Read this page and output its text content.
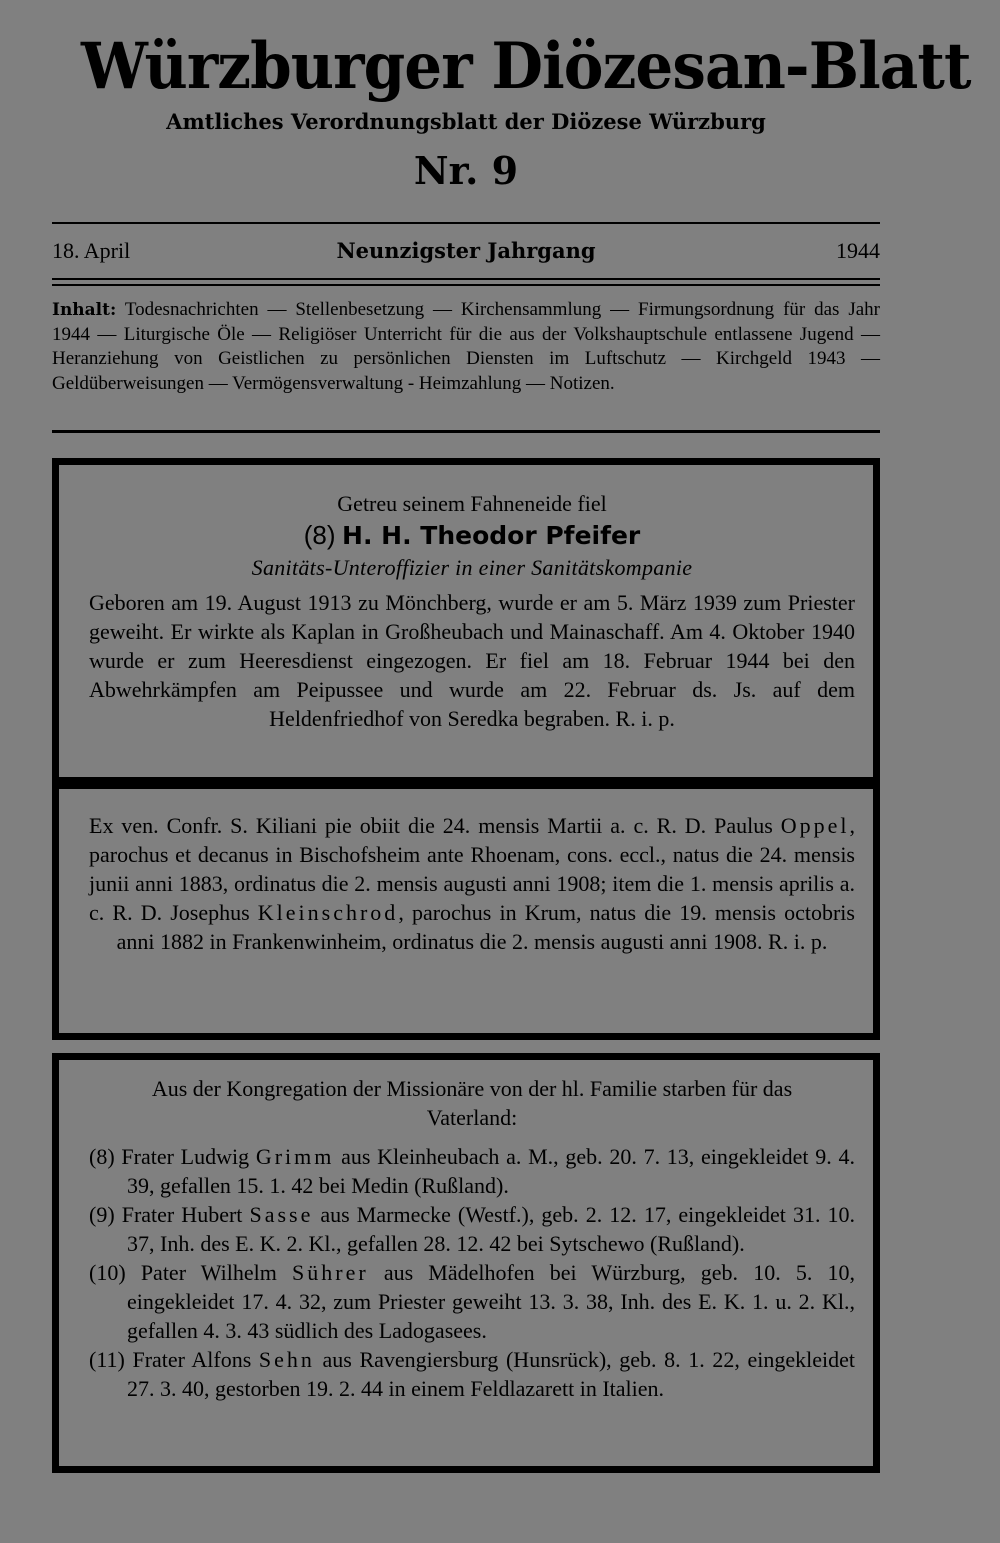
Würzburger Diözesan-Blatt
Amtliches Verordnungsblatt der Diözese Würzburg
Nr. 9
18. April	Neunzigster Jahrgang	1944
Inhalt: Todesnachrichten — Stellenbesetzung — Kirchensammlung — Firmungsordnung für das Jahr 1944 — Liturgische Öle — Religiöser Unterricht für die aus der Volkshauptschule entlassene Jugend — Heranziehung von Geistlichen zu persönlichen Diensten im Luftschutz — Kirchgeld 1943 — Geldüberweisungen — Vermögensverwaltung - Heimzahlung — Notizen.
Getreu seinem Fahneneide fiel
(8) H. H. Theodor Pfeifer
Sanitäts-Unteroffizier in einer Sanitätskompanie
Geboren am 19. August 1913 zu Mönchberg, wurde er am 5. März 1939 zum Priester geweiht. Er wirkte als Kaplan in Großheubach und Mainaschaff. Am 4. Oktober 1940 wurde er zum Heeresdienst eingezogen. Er fiel am 18. Februar 1944 bei den Abwehrkämpfen am Peipussee und wurde am 22. Februar ds. Js. auf dem Heldenfriedhof von Seredka begraben. R. i. p.
Ex ven. Confr. S. Kiliani pie obiit die 24. mensis Martii a. c. R. D. Paulus Oppel, parochus et decanus in Bischofsheim ante Rhoenam, cons. eccl., natus die 24. mensis junii anni 1883, ordinatus die 2. mensis augusti anni 1908; item die 1. mensis aprilis a. c. R. D. Josephus Kleinschrod, parochus in Krum, natus die 19. mensis octobris anni 1882 in Frankenwinheim, ordinatus die 2. mensis augusti anni 1908. R. i. p.
Aus der Kongregation der Missionäre von der hl. Familie starben für das Vaterland:
(8) Frater Ludwig Grimm aus Kleinheubach a. M., geb. 20. 7. 13, eingekleidet 9. 4. 39, gefallen 15. 1. 42 bei Medin (Rußland).
(9) Frater Hubert Sasse aus Marmecke (Westf.), geb. 2. 12. 17, eingekleidet 31. 10. 37, Inh. des E. K. 2. Kl., gefallen 28. 12. 42 bei Sytschewo (Rußland).
(10) Pater Wilhelm Sührer aus Mädelhofen bei Würzburg, geb. 10. 5. 10, eingekleidet 17. 4. 32, zum Priester geweiht 13. 3. 38, Inh. des E. K. 1. u. 2. Kl., gefallen 4. 3. 43 südlich des Ladogasees.
(11) Frater Alfons Sehn aus Ravengiersburg (Hunsrück), geb. 8. 1. 22, eingekleidet 27. 3. 40, gestorben 19. 2. 44 in einem Feldlazarett in Italien.
